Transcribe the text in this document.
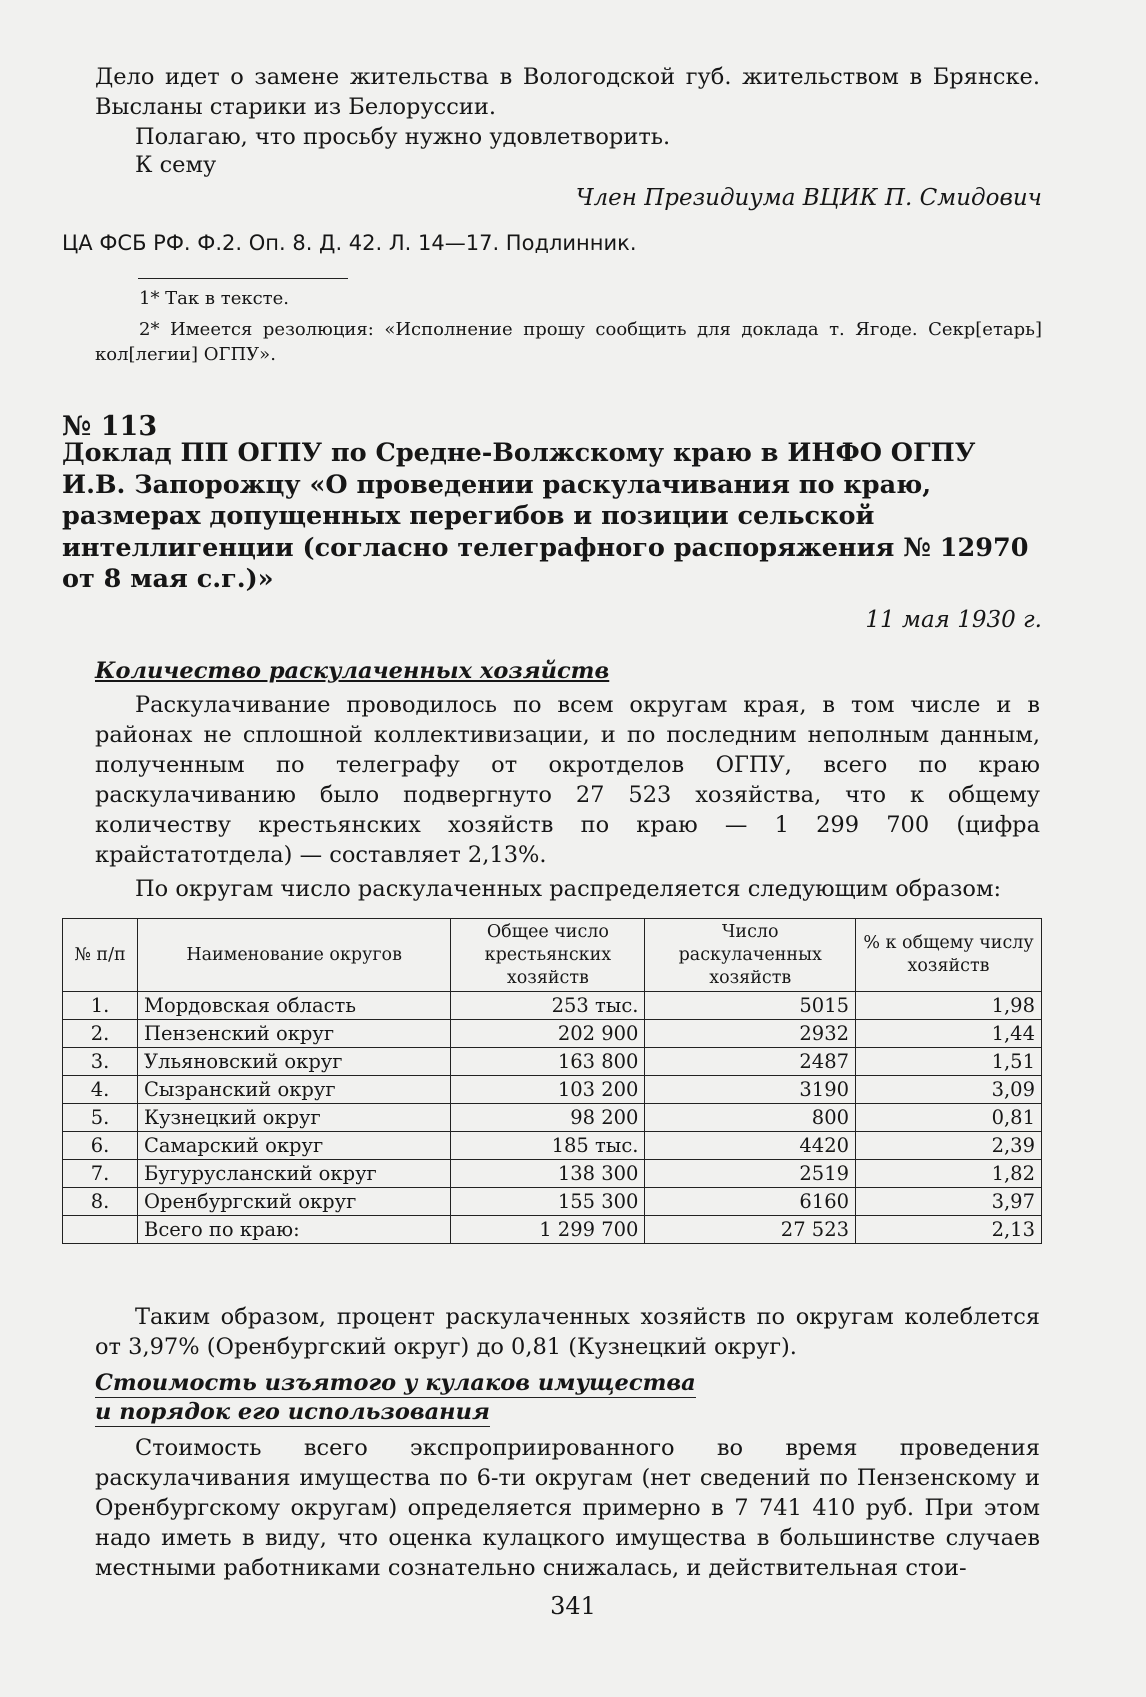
Дело идет о замене жительства в Вологодской губ. жительством в Брянске. Высланы старики из Белоруссии.

Полагаю, что просьбу нужно удовлетворить.

К сему

Член Президиума ВЦИК П. Смидович

ЦА ФСБ РФ. Ф.2. Оп. 8. Д. 42. Л. 14—17. Подлинник.

1* Так в тексте.

2* Имеется резолюция: «Исполнение прошу сообщить для доклада т. Ягоде. Секр[етарь] кол[легии] ОГПУ».

№ 113

Доклад ПП ОГПУ по Средне-Волжскому краю в ИНФО ОГПУ И.В. Запорожцу «О проведении раскулачивания по краю, размерах допущенных перегибов и позиции сельской интеллигенции (согласно телеграфного распоряжения № 12970 от 8 мая с.г.)»

11 мая 1930 г.

Количество раскулаченных хозяйств

Раскулачивание проводилось по всем округам края, в том числе и в районах не сплошной коллективизации, и по последним неполным данным, полученным по телеграфу от окротделов ОГПУ, всего по краю раскулачиванию было подвергнуто 27 523 хозяйства, что к общему количеству крестьянских хозяйств по краю — 1 299 700 (цифра крайстатотдела) — составляет 2,13%.

По округам число раскулаченных распределяется следующим образом:

№ п/п	Наименование округов	Общее число крестьянских хозяйств	Число раскулаченных хозяйств	% к общему числу хозяйств
1.	Мордовская область	253 тыс.	5015	1,98
2.	Пензенский округ	202 900	2932	1,44
3.	Ульяновский округ	163 800	2487	1,51
4.	Сызранский округ	103 200	3190	3,09
5.	Кузнецкий округ	98 200	800	0,81
6.	Самарский округ	185 тыс.	4420	2,39
7.	Бугурусланский округ	138 300	2519	1,82
8.	Оренбургский округ	155 300	6160	3,97
	Всего по краю:	1 299 700	27 523	2,13

Таким образом, процент раскулаченных хозяйств по округам колеблется от 3,97% (Оренбургский округ) до 0,81 (Кузнецкий округ).

Стоимость изъятого у кулаков имущества

и порядок его использования

Стоимость всего экспроприированного во время проведения раскулачивания имущества по 6-ти округам (нет сведений по Пензенскому и Оренбургскому округам) определяется примерно в 7 741 410 руб. При этом надо иметь в виду, что оценка кулацкого имущества в большинстве случаев местными работниками сознательно снижалась, и действительная стои-

341
